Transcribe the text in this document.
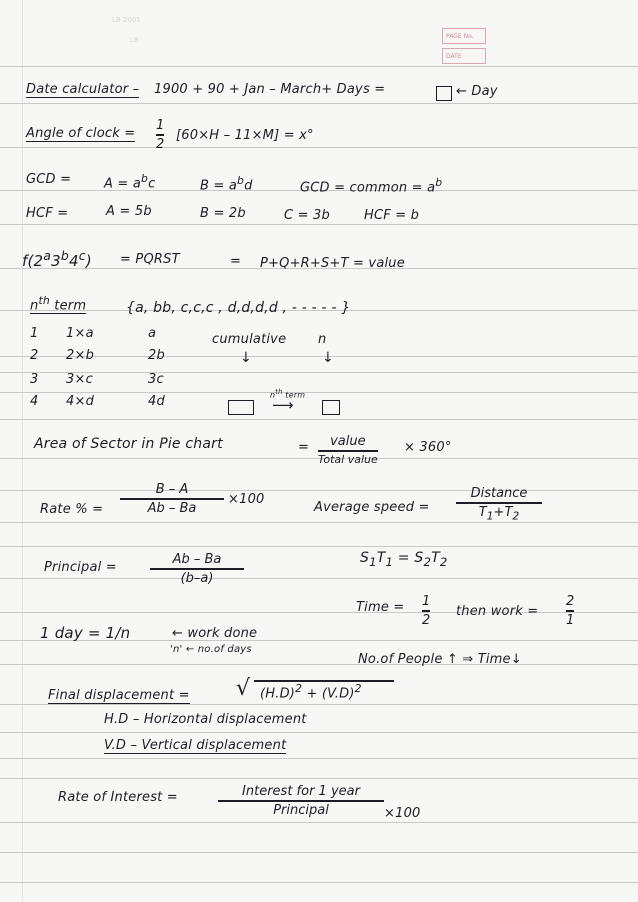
LB 2001
LB	PAGE No.
DATE
Date calculator – 1900 + 90 + Jan – March+ Days =	← Day
Angle of clock =
1
2
[60×H – 11×M] = x°
GCD =	$A = a^bc$	$B = a^bd$	GCD = common = $a^b$
HCF =	A = 5b	B = 2b	C = 3b	HCF = b
$f(2^a3^b4^c)$ = PQRST	= P+Q+R+S+T = value
$n^{th}$ term	{a, bb, c,c,c , d,d,d,d , - - - - - }
1 1×a	a
2 2×b	2b
3 3×c	3c
4 4×d	4d
cumulative n
↓	↓
$n^{th}$ term
⟶
Area of Sector in Pie chart	= value
Total value
× 360°
Rate % =
B – A
Ab – Ba
×100
Average speed =
Distance
$T_1+T_2$
Principal =
Ab – Ba
(b–a)
$S_1T_1 = S_2T_2$
Time = 1
2
then work =
2
1
1 day = 1/n	← work done
'n' ← no.of days
No.of People ↑ ⇒ Time↓
Final displacement = √ $(H.D)^2 + (V.D)^2$
H.D – Horizontal displacement
V.D – Vertical displacement
Rate of Interest =	Interest for 1 year
Principal	×100
